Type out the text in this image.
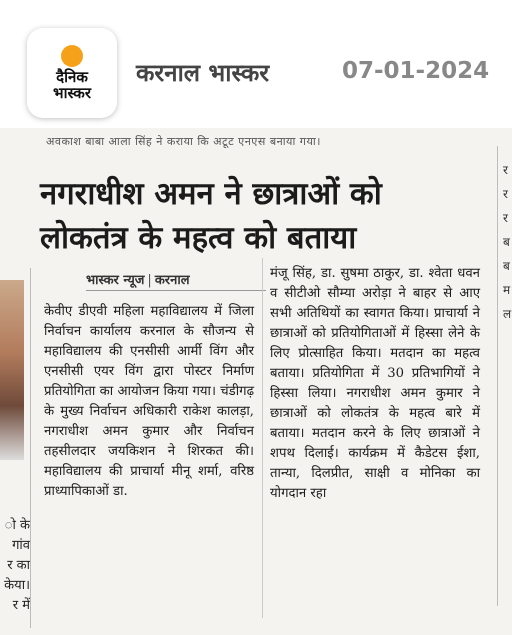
दैनिक
भास्कर
करनाल भास्कर	07-01-2024
अवकाश बाबा आला सिंह ने कराया कि अटूट एनएस बनाया गया।
ो के
गांव
र का
केया।
र में
नगराधीश अमन ने छात्राओं को लोकतंत्र के महत्व को बताया
भास्कर न्यूज | करनाल
केवीए डीएवी महिला महाविद्यालय में जिला निर्वाचन कार्यालय करनाल के सौजन्य से महाविद्यालय की एनसीसी आर्मी विंग और एनसीसी एयर विंग द्वारा पोस्टर निर्माण प्रतियोगिता का आयोजन किया गया। चंडीगढ़ के मुख्य निर्वाचन अधिकारी राकेश कालड़ा, नगराधीश अमन कुमार और निर्वाचन तहसीलदार जयकिशन ने शिरकत की। महाविद्यालय की प्राचार्या मीनू शर्मा, वरिष्ठ प्राध्यापिकाओं डा.
मंजू सिंह, डा. सुषमा ठाकुर, डा. श्वेता धवन व सीटीओ सौम्या अरोड़ा ने बाहर से आए सभी अतिथियों का स्वागत किया। प्राचार्या ने छात्राओं को प्रतियोगिताओं में हिस्सा लेने के लिए प्रोत्साहित किया। मतदान का महत्व बताया। प्रतियोगिता में 30 प्रतिभागियों ने हिस्सा लिया। नगराधीश अमन कुमार ने छात्राओं को लोकतंत्र के महत्व बारे में बताया। मतदान करने के लिए छात्राओं ने शपथ दिलाई। कार्यक्रम में कैडेटस ईशा, तान्या, दिलप्रीत, साक्षी व मोनिका का योगदान रहा
र
र
र
ब
ब
म
ल
